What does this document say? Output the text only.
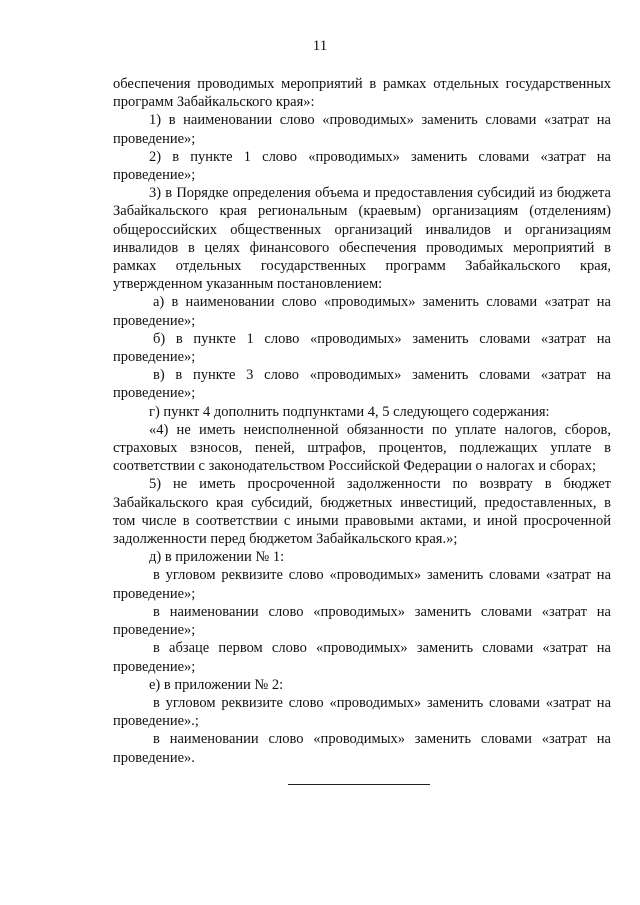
11

обеспечения проводимых мероприятий в рамках отдельных государственных программ Забайкальского края»:

1) в наименовании слово «проводимых» заменить словами «затрат на проведение»;

2) в пункте 1 слово «проводимых» заменить словами «затрат на проведение»;

3) в Порядке определения объема и предоставления субсидий из бюджета Забайкальского края региональным (краевым) организациям (отделениям) общероссийских общественных организаций инвалидов и организациям инвалидов в целях финансового обеспечения проводимых мероприятий в рамках отдельных государственных программ Забайкальского края, утвержденном указанным постановлением:

а) в наименовании слово «проводимых» заменить словами «затрат на проведение»;

б) в пункте 1 слово «проводимых» заменить словами «затрат на проведение»;

в) в пункте 3 слово «проводимых» заменить словами «затрат на проведение»;

г) пункт 4 дополнить подпунктами 4, 5 следующего содержания:

«4) не иметь неисполненной обязанности по уплате налогов, сборов, страховых взносов, пеней, штрафов, процентов, подлежащих уплате в соответствии с законодательством Российской Федерации о налогах и сборах;

5) не иметь просроченной задолженности по возврату в бюджет Забайкальского края субсидий, бюджетных инвестиций, предоставленных, в том числе в соответствии с иными правовыми актами, и иной просроченной задолженности перед бюджетом Забайкальского края.»;

д) в приложении № 1:

в угловом реквизите слово «проводимых» заменить словами «затрат на проведение»;

в наименовании слово «проводимых» заменить словами «затрат на проведение»;

в абзаце первом слово «проводимых» заменить словами «затрат на проведение»;

е) в приложении № 2:

в угловом реквизите слово «проводимых» заменить словами «затрат на проведение».;

в наименовании слово «проводимых» заменить словами «затрат на проведение».
